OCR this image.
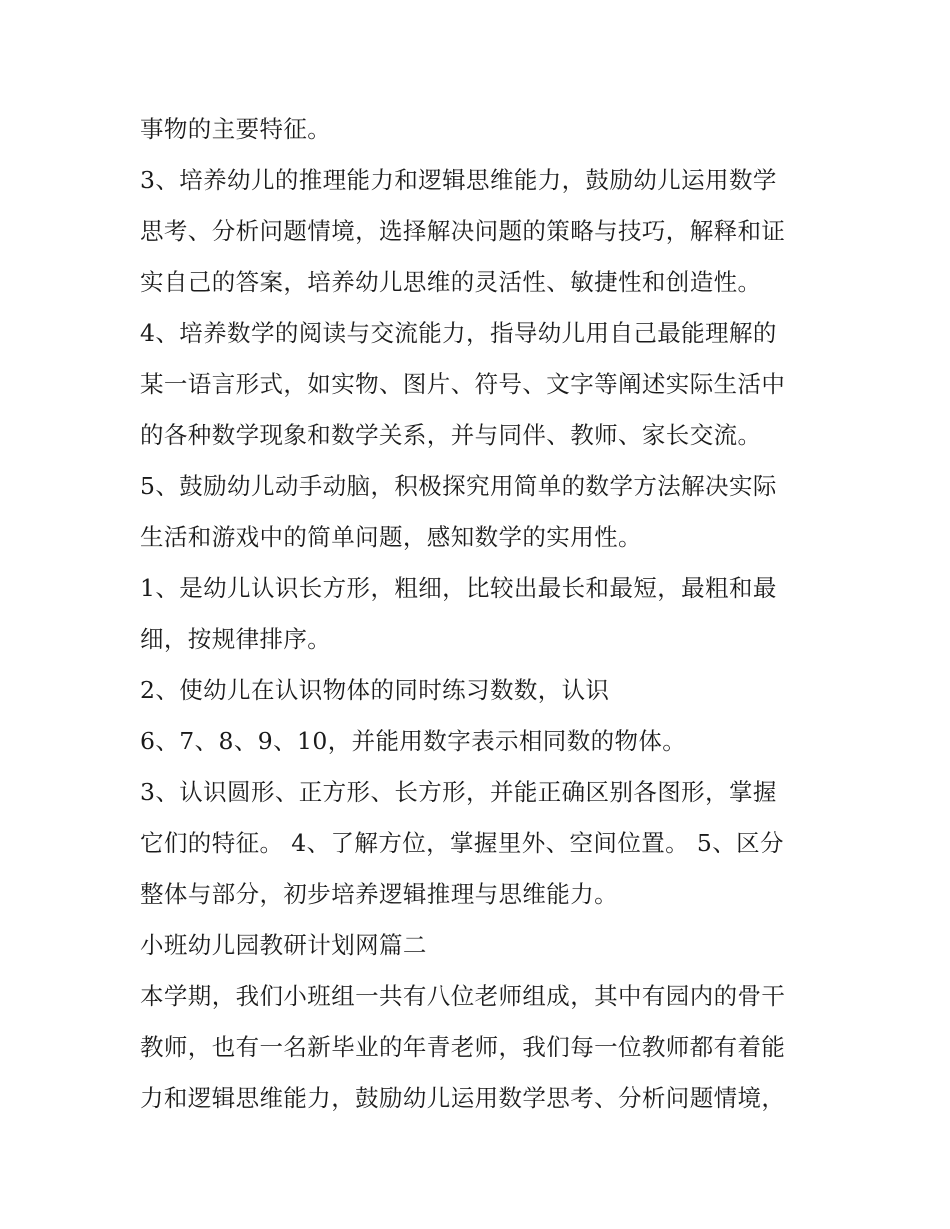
事物的主要特征。
3、培养幼儿的推理能力和逻辑思维能力，鼓励幼儿运用数学
思考、分析问题情境，选择解决问题的策略与技巧，解释和证
实自己的答案，培养幼儿思维的灵活性、敏捷性和创造性。
4、培养数学的阅读与交流能力，指导幼儿用自己最能理解的
某一语言形式，如实物、图片、符号、文字等阐述实际生活中
的各种数学现象和数学关系，并与同伴、教师、家长交流。
5、鼓励幼儿动手动脑，积极探究用简单的数学方法解决实际
生活和游戏中的简单问题，感知数学的实用性。
1、是幼儿认识长方形，粗细，比较出最长和最短，最粗和最
细，按规律排序。
2、使幼儿在认识物体的同时练习数数，认识
6、7、8、9、10，并能用数字表示相同数的物体。
3、认识圆形、正方形、长方形，并能正确区别各图形，掌握
它们的特征。 4、了解方位，掌握里外、空间位置。 5、区分
整体与部分，初步培养逻辑推理与思维能力。
小班幼儿园教研计划网篇二
本学期，我们小班组一共有八位老师组成，其中有园内的骨干
教师，也有一名新毕业的年青老师，我们每一位教师都有着能
力和逻辑思维能力，鼓励幼儿运用数学思考、分析问题情境，
